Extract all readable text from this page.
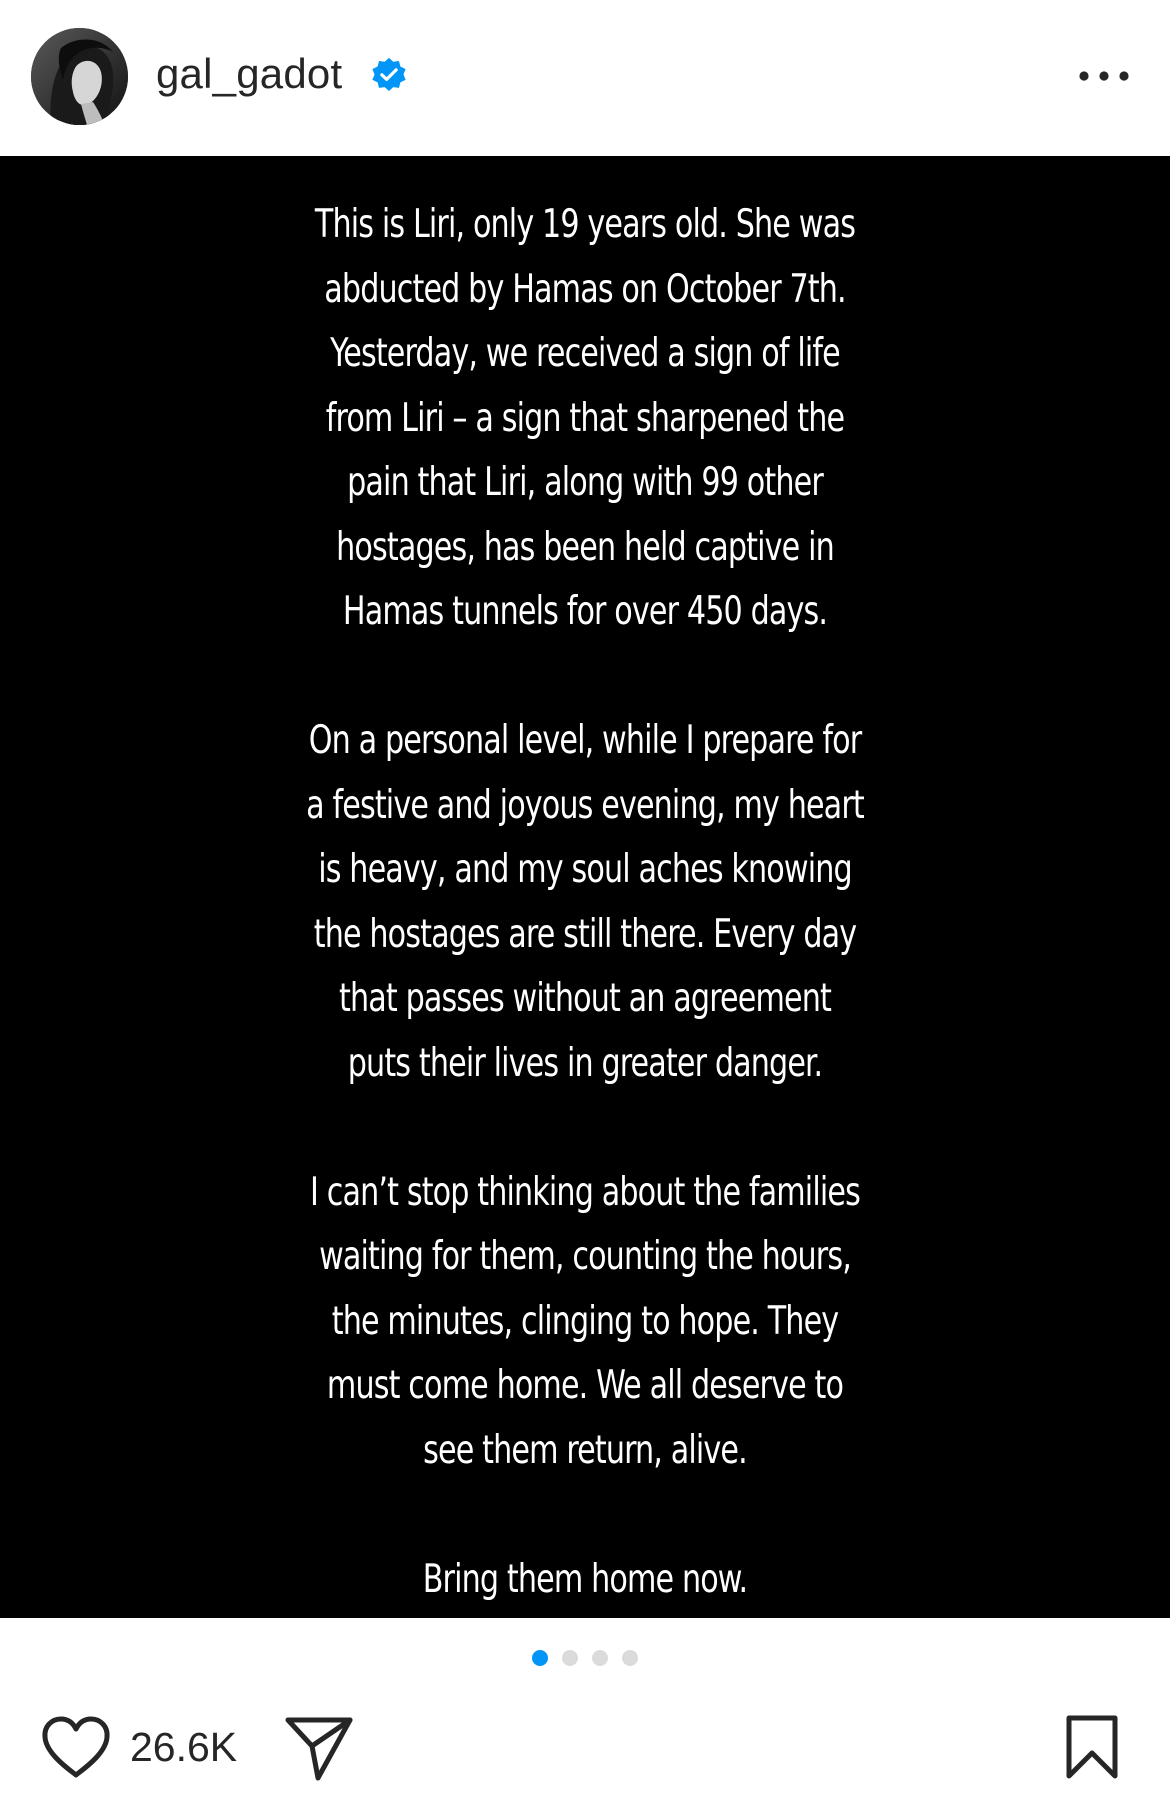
gal_gadot

This is Liri, only 19 years old. She was
abducted by Hamas on October 7th.
Yesterday, we received a sign of life
from Liri – a sign that sharpened the
pain that Liri, along with 99 other
hostages, has been held captive in
Hamas tunnels for over 450 days.

On a personal level, while I prepare for
a festive and joyous evening, my heart
is heavy, and my soul aches knowing
the hostages are still there. Every day
that passes without an agreement
puts their lives in greater danger.

I can’t stop thinking about the families
waiting for them, counting the hours,
the minutes, clinging to hope. They
must come home. We all deserve to
see them return, alive.

Bring them home now.

26.6K
